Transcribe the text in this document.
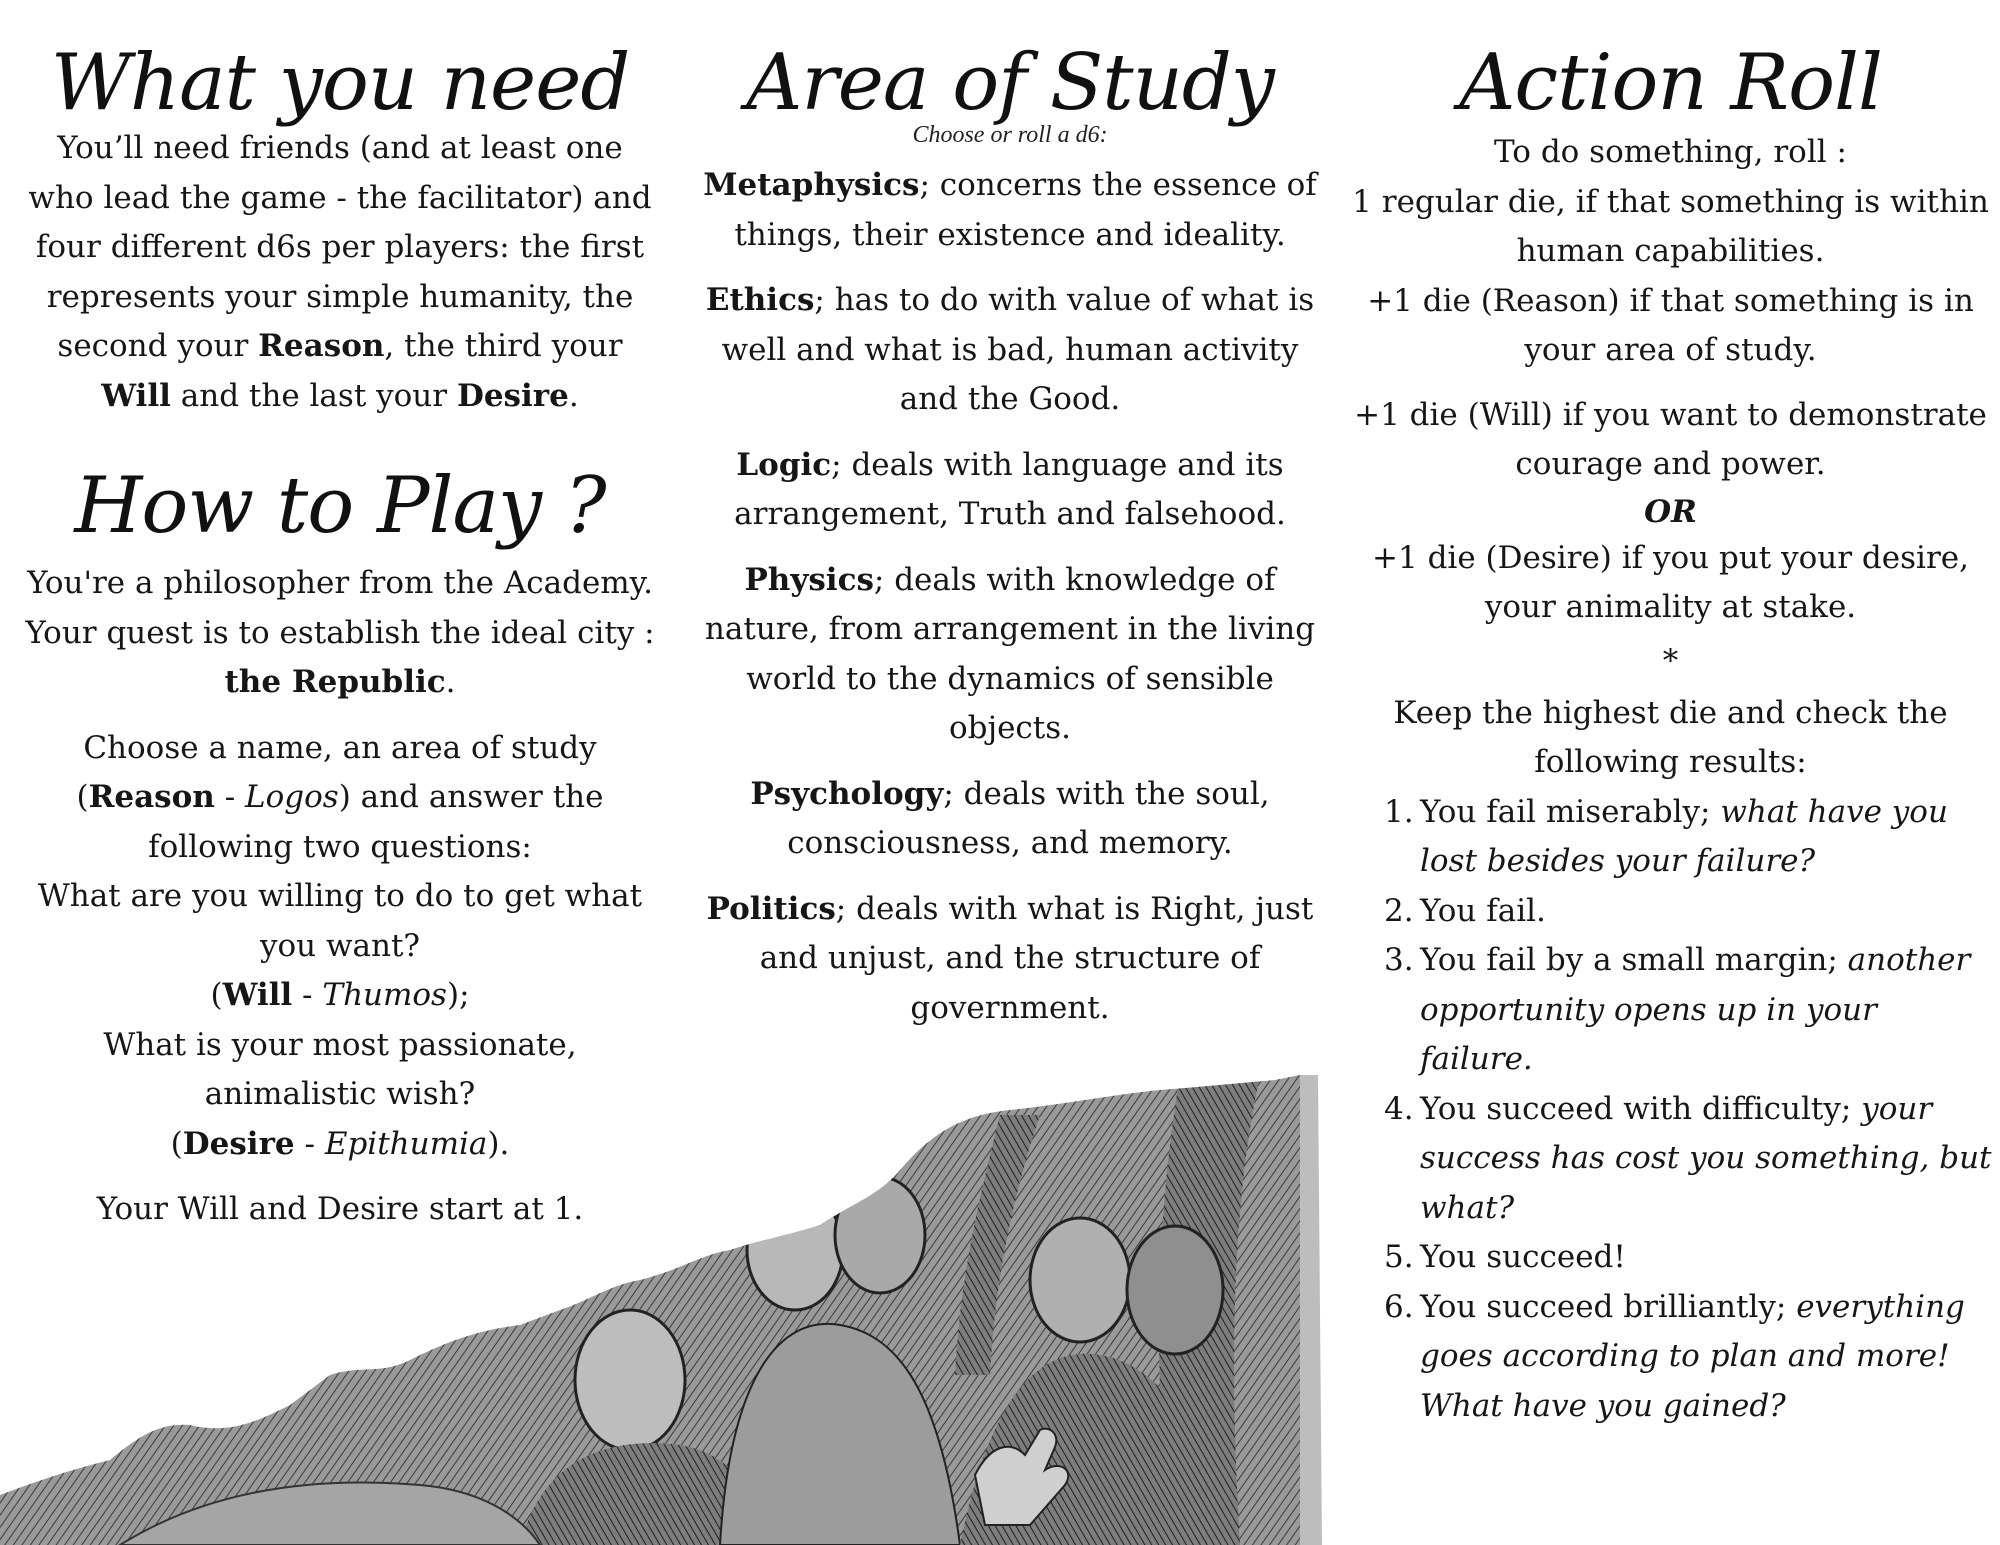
What you need

You’ll need friends (and at least one who lead the game - the facilitator) and four different d6s per players: the first represents your simple humanity, the second your Reason, the third your Will and the last your Desire.

How to Play ?

You're a philosopher from the Academy. Your quest is to establish the ideal city :
the Republic.

Choose a name, an area of study
(Reason - Logos) and answer the following two questions:
What are you willing to do to get what you want?
(Will - Thumos);
What is your most passionate, animalistic wish?
(Desire - Epithumia).

Your Will and Desire start at 1.

Area of Study

Choose or roll a d6:

Metaphysics; concerns the essence of things, their existence and ideality.

Ethics; has to do with value of what is well and what is bad, human activity and the Good.

Logic; deals with language and its arrangement, Truth and falsehood.

Physics; deals with knowledge of nature, from arrangement in the living world to the dynamics of sensible objects.

Psychology; deals with the soul, consciousness, and memory.

Politics; deals with what is Right, just and unjust, and the structure of government.

Action Roll

To do something, roll :

1 regular die, if that something is within human capabilities.

+1 die (Reason) if that something is in your area of study.

+1 die (Will) if you want to demonstrate courage and power.

OR

+1 die (Desire) if you put your desire, your animality at stake.

*

Keep the highest die and check the following results:

1. You fail miserably; what have you lost besides your failure?
2. You fail.
3. You fail by a small margin; another opportunity opens up in your failure.
4. You succeed with difficulty; your success has cost you something, but what?
5. You succeed!
6. You succeed brilliantly; everything goes according to plan and more! What have you gained?
